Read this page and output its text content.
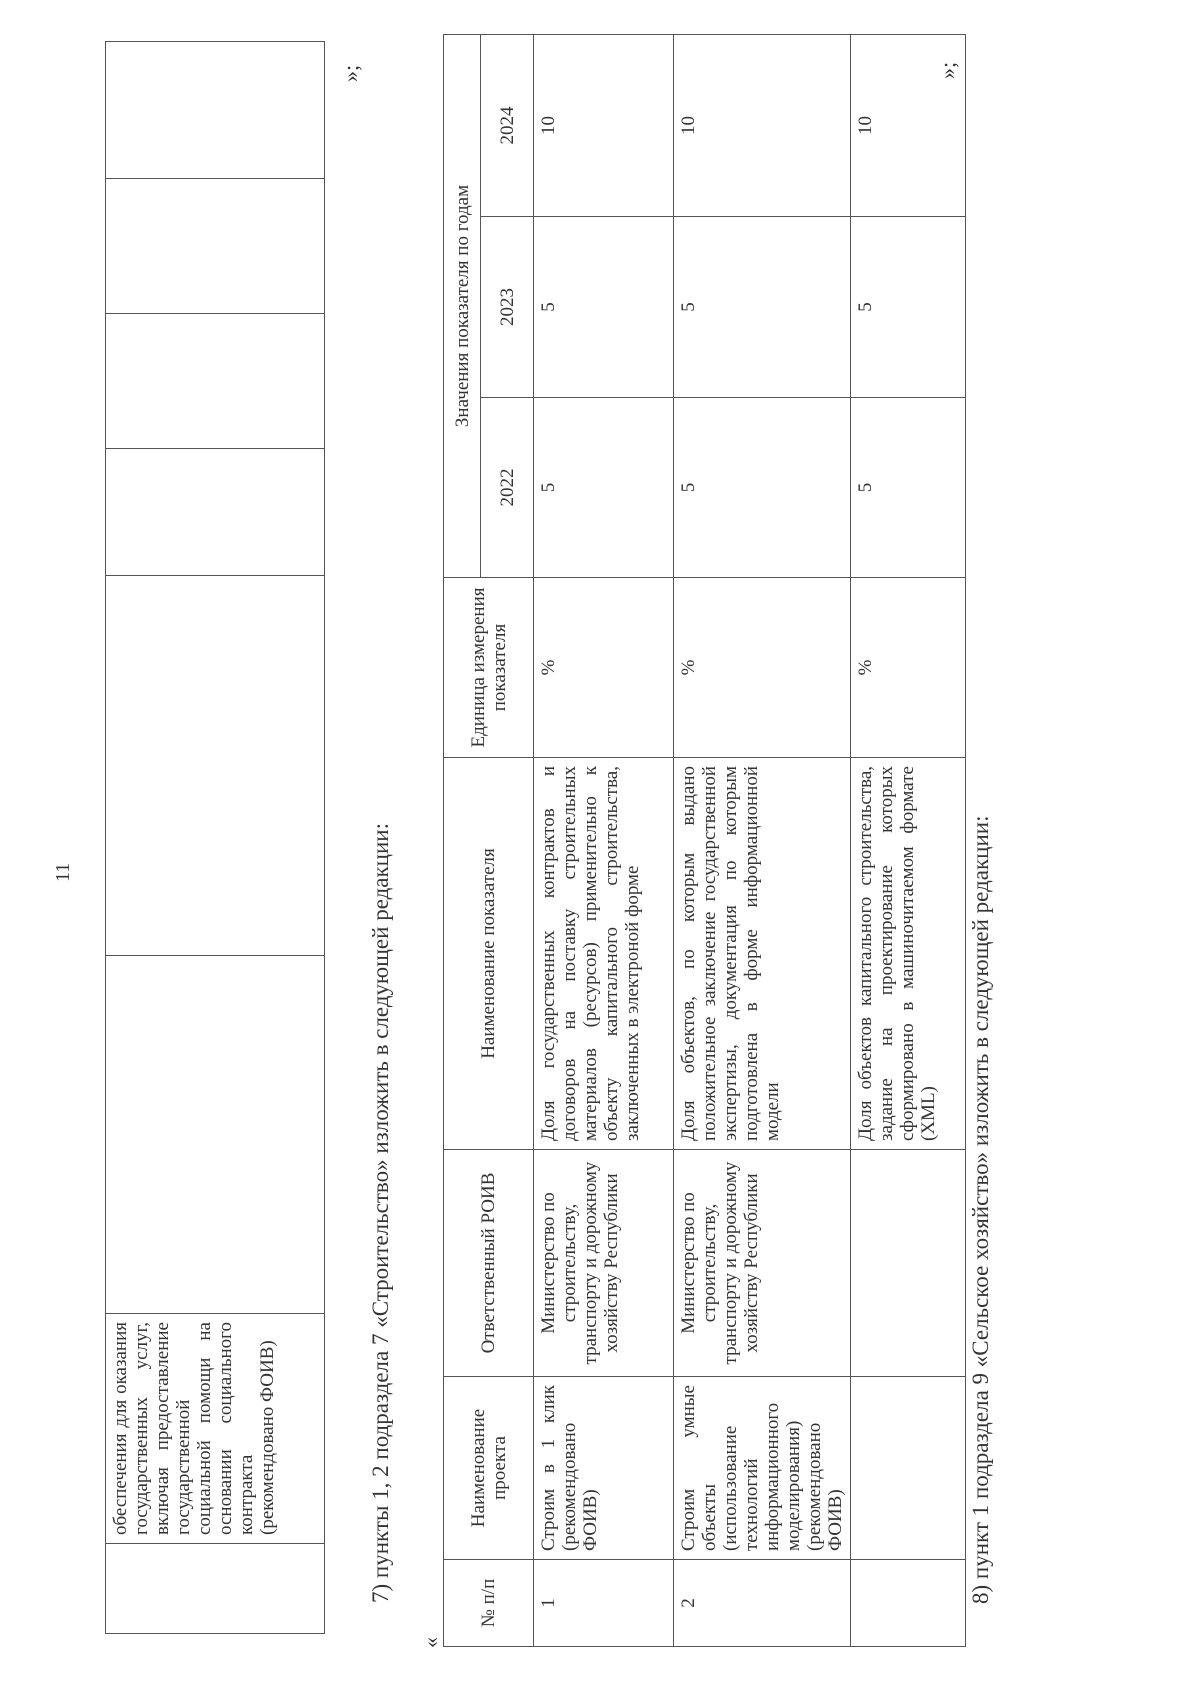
11
	обеспечения для оказания государственных услуг, включая предоставление государственной социальной помощи на основании социального контракта (рекомендовано ФОИВ)						
»;
7) пункты 1, 2 подраздела 7 «Строительство» изложить в следующей редакции:
«
№ п/п	Наименование проекта	Ответственный РОИВ	Наименование показателя	Единица измерения показателя	Значения показателя по годам		
					2022	2023	2024
1	Строим в 1 клик (рекомендовано ФОИВ)	Министерство по строительству, транспорту и дорожному хозяйству Республики	Доля государственных контрактов и договоров на поставку строительных материалов (ресурсов) применительно к объекту капитального строительства, заключенных в электроной форме	%	5	5	10
2	Строим умные объекты (использование технологий информационного моделирования) (рекомендовано ФОИВ)	Министерство по строительству, транспорту и дорожному хозяйству Республики	Доля объектов, по которым выдано положительное заключение государственной экспертизы, документация по которым подготовлена в форме информационной модели	%	5	5	10
			Доля объектов капитального строительства, задание на проектирование которых сформировано в машиночитаемом формате (XML)	%	5	5	10
»;
8) пункт 1 подраздела 9 «Сельское хозяйство» изложить в следующей редакции:
